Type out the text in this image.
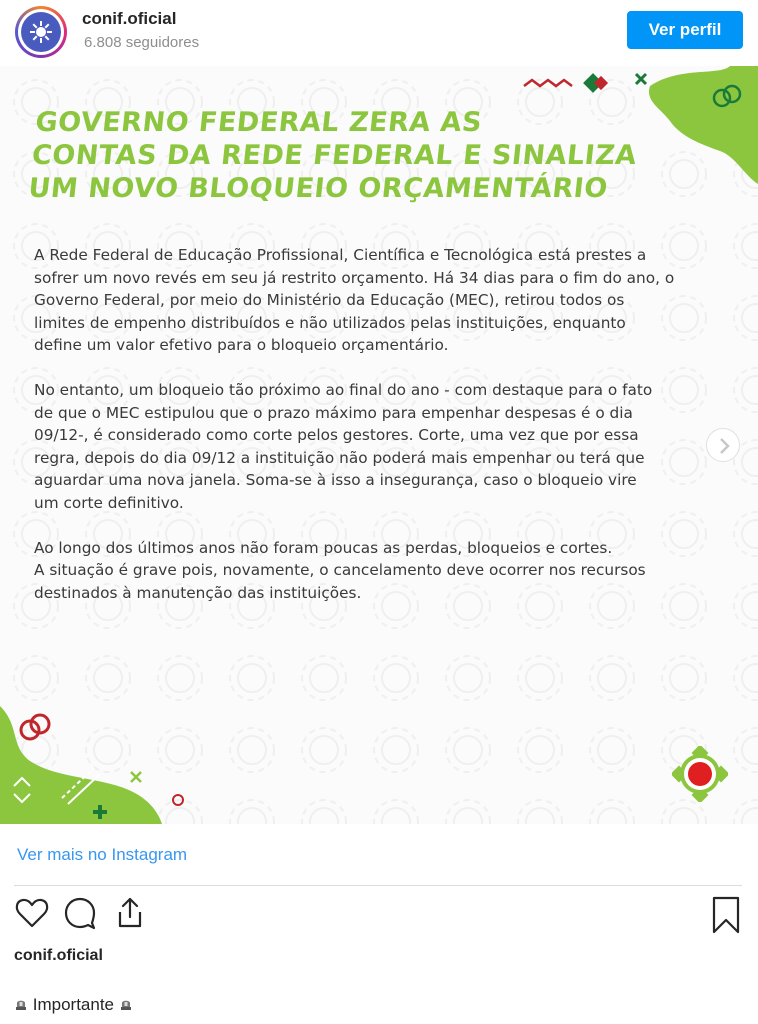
conif.oficial
6.808 seguidores
Ver perfil
GOVERNO FEDERAL ZERA AS
CONTAS DA REDE FEDERAL E SINALIZA
UM NOVO BLOQUEIO ORÇAMENTÁRIO

A Rede Federal de Educação Profissional, Científica e Tecnológica está prestes a
sofrer um novo revés em seu já restrito orçamento. Há 34 dias para o fim do ano, o
Governo Federal, por meio do Ministério da Educação (MEC), retirou todos os
limites de empenho distribuídos e não utilizados pelas instituições, enquanto
define um valor efetivo para o bloqueio orçamentário.

No entanto, um bloqueio tão próximo ao final do ano - com destaque para o fato
de que o MEC estipulou que o prazo máximo para empenhar despesas é o dia
09/12-, é considerado como corte pelos gestores. Corte, uma vez que por essa
regra, depois do dia 09/12 a instituição não poderá mais empenhar ou terá que
aguardar uma nova janela. Soma-se à isso a insegurança, caso o bloqueio vire
um corte definitivo.

Ao longo dos últimos anos não foram poucas as perdas, bloqueios e cortes.
A situação é grave pois, novamente, o cancelamento deve ocorrer nos recursos
destinados à manutenção das instituições.

Ver mais no Instagram
conif.oficial
Importante
